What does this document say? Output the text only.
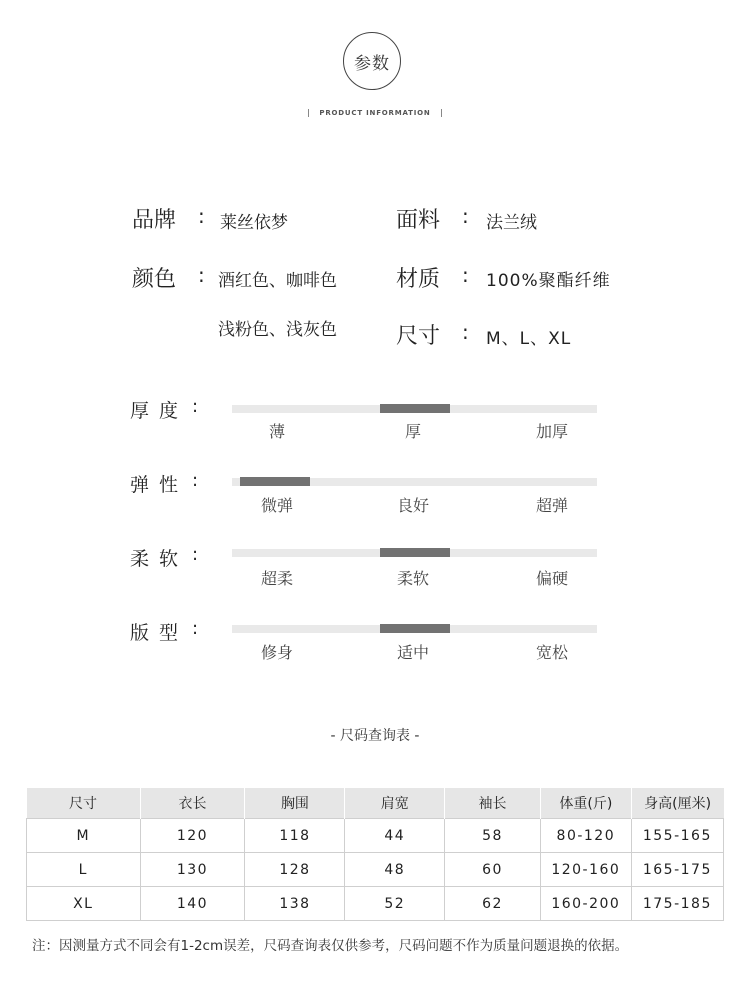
参数
PRODUCT INFORMATION
品牌 : 莱丝依梦	面料 : 法兰绒
颜色 : 酒红色、咖啡色
浅粉色、浅灰色
材质 : 100%聚酯纤维
尺寸 : M、L、XL
厚度 :
薄	厚	加厚
弹性 :
微弹	良好	超弹
柔软 :
超柔	柔软	偏硬
版型 :
修身	适中	宽松
- 尺码查询表 -
尺寸	衣长	胸围	肩宽	袖长	体重(斤)	身高(厘米)
M	120	118	44	58	80-120	155-165
L	130	128	48	60	120-160	165-175
XL	140	138	52	62	160-200	175-185
注：因测量方式不同会有1-2cm误差，尺码查询表仅供参考，尺码问题不作为质量问题退换的依据。
